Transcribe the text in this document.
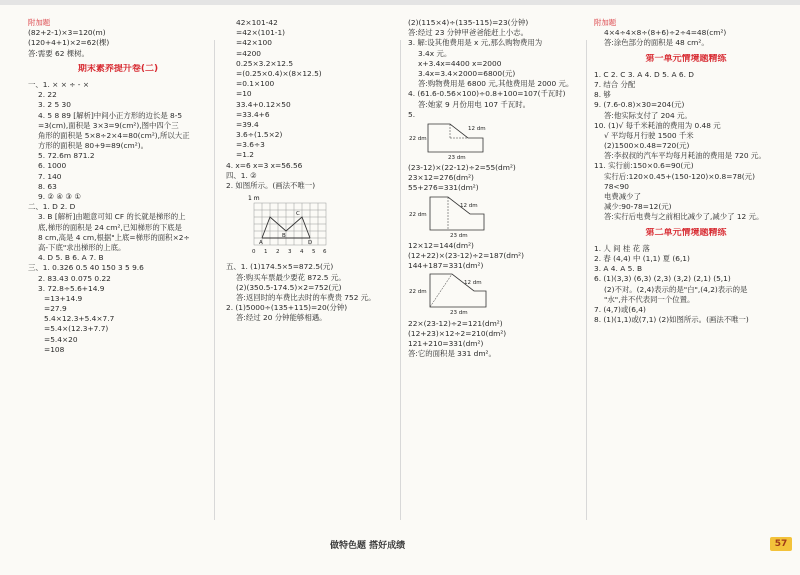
附加题

(82+2-1)×3=120(m)

(120+4+1)×2=62(棵)

答:需要 62 棵树。

期末素养提升卷(二)

一、1. × × ÷ - ×

2. 22

3. 2 5 30

4. 5 8 89 [解析]中间小正方形的边长是 8-5

=3(cm),面积是 3×3=9(cm²),图中四个三

角形的面积是 5×8÷2×4=80(cm²),所以大正

方形的面积是 80+9=89(cm²)。

5. 72.6m 871.2

6. 1000

7. 140

8. 63

9. ② ④ ③ ①

二、1. D 2. D

3. B [解析]由题意可知 CF 的长就是梯形的上

底,梯形的面积是 24 cm²,已知梯形的下底是

8 cm,高是 4 cm,根据"上底=梯形的面积×2÷

高-下底"求出梯形的上底。

4. D 5. B 6. A 7. B

三、1. 0.326 0.5 40 150 3 5 9.6

2. 83.43 0.075 0.22

3. 72.8÷5.6+14.9

=13+14.9

=27.9

5.4×12.3+5.4×7.7

=5.4×(12.3+7.7)

=5.4×20

=108

42×101-42

=42×(101-1)

=42×100

=4200

0.25×3.2×12.5

=(0.25×0.4)×(8×12.5)

=0.1×100

=10

33.4+0.12×50

=33.4+6

=39.4

3.6÷(1.5×2)

=3.6÷3

=1.2

4. x=6 x=3 x=56.56

四、1. ②

2. 如图所示。(画法不唯一)

1 m
A
B
C
D
0 1 2 3 4 5 6

五、1. (1)174.5×5=872.5(元)

答:购买车票最少要花 872.5 元。

(2)(350.5-174.5)×2=752(元)

答:返回时的车费比去时的车费贵 752 元。

2. (1)5000÷(135+115)=20(分钟)

答:经过 20 分钟能够相遇。

(2)(115×4)÷(135-115)=23(分钟)

答:经过 23 分钟甲爸爸能赶上小志。

3. 解:设其他费用是 x 元,那么购物费用为

3.4x 元。

x+3.4x=4400 x=2000

3.4x=3.4×2000=6800(元)

答:购物费用是 6800 元,其他费用是 2000 元。

4. (61.6-0.56×100)÷0.8+100=107(千瓦时)

答:她家 9 月份用电 107 千瓦时。

5.

12 dm
22 dm
23 dm

(23-12)×(22-12)÷2=55(dm²)

23×12=276(dm²)

55+276=331(dm²)

12 dm
22 dm
23 dm

12×12=144(dm²)

(12+22)×(23-12)÷2=187(dm²)

144+187=331(dm²)

12 dm
22 dm
23 dm

22×(23-12)÷2=121(dm²)

(12+23)×12÷2=210(dm²)

121+210=331(dm²)

答:它的面积是 331 dm²。

附加题

4×4÷4×8÷(8+6)÷2÷4=48(cm²)

答:涂色部分的面积是 48 cm²。

第一单元情境题精练

1. C 2. C 3. A 4. D 5. A 6. D

7. 结合 分配

8. 够

9. (7.6-0.8)×30=204(元)

答:他实际支付了 204 元。

10. (1)√ 每千米耗油的费用为 0.48 元

√ 平均每月行驶 1500 千米

(2)1500×0.48=720(元)

答:李叔叔的汽车平均每月耗油的费用是 720 元。

11. 实行前:150×0.6=90(元)

实行后:120×0.45+(150-120)×0.8=78(元)

78<90

电费减少了

减少:90-78=12(元)

答:实行后电费与之前相比减少了,减少了 12 元。

第二单元情境题精练

1. 人 间 桂 花 落

2. 春 (4,4) 中 (1,1) 夏 (6,1)

3. A 4. A 5. B

6. (1)(3,3) (6,3) (2,3) (3,2) (2,1) (5,1)

(2)不对。(2,4)表示的是"白",(4,2)表示的是

"水",并不代表同一个位置。

7. (4,7)或(6,4)

8. (1)(1,1)或(7,1) (2)如图所示。(画法不唯一)

做特色题 搭好成绩	57
